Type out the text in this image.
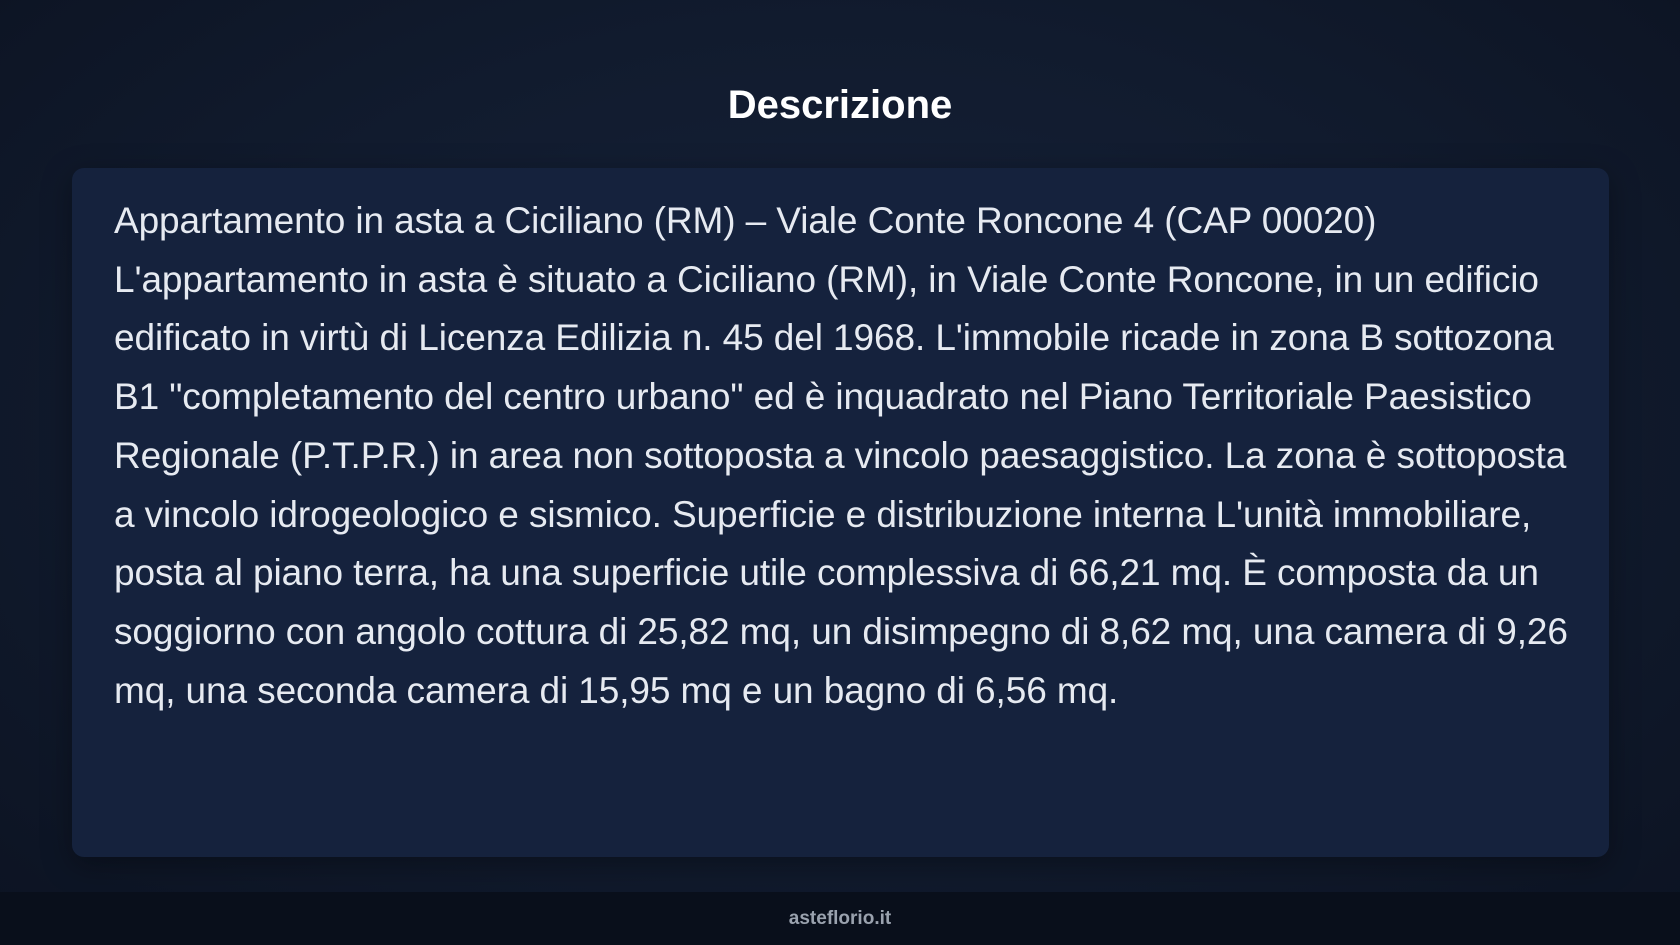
Descrizione

Appartamento in asta a Ciciliano (RM) – Viale Conte Roncone 4 (CAP 00020) L'appartamento in asta è situato a Ciciliano (RM), in Viale Conte Roncone, in un edificio edificato in virtù di Licenza Edilizia n. 45 del 1968. L'immobile ricade in zona B sottozona B1 "completamento del centro urbano" ed è inquadrato nel Piano Territoriale Paesistico Regionale (P.T.P.R.) in area non sottoposta a vincolo paesaggistico. La zona è sottoposta a vincolo idrogeologico e sismico. Superficie e distribuzione interna L'unità immobiliare, posta al piano terra, ha una superficie utile complessiva di 66,21 mq. È composta da un soggiorno con angolo cottura di 25,82 mq, un disimpegno di 8,62 mq, una camera di 9,26 mq, una seconda camera di 15,95 mq e un bagno di 6,56 mq.

asteflorio.it
